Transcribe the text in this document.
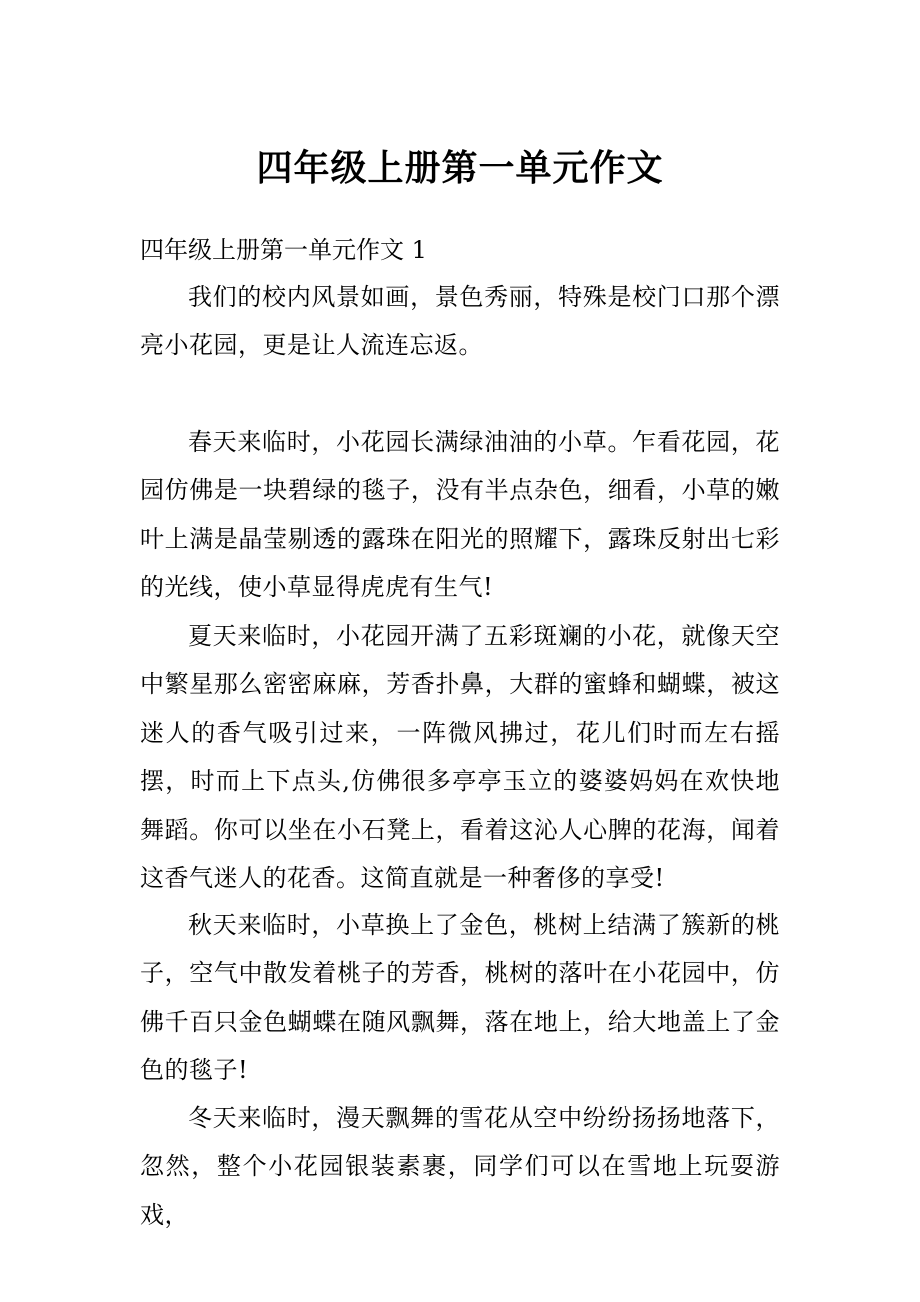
四年级上册第一单元作文

四年级上册第一单元作文 1

我们的校内风景如画，景色秀丽，特殊是校门口那个漂亮小花园，更是让人流连忘返。

春天来临时，小花园长满绿油油的小草。乍看花园，花园仿佛是一块碧绿的毯子，没有半点杂色，细看，小草的嫩叶上满是晶莹剔透的露珠在阳光的照耀下，露珠反射出七彩的光线，使小草显得虎虎有生气!

夏天来临时，小花园开满了五彩斑斓的小花，就像天空中繁星那么密密麻麻，芳香扑鼻，大群的蜜蜂和蝴蝶，被这迷人的香气吸引过来，一阵微风拂过，花儿们时而左右摇摆，时而上下点头,仿佛很多亭亭玉立的婆婆妈妈在欢快地舞蹈。你可以坐在小石凳上，看着这沁人心脾的花海，闻着这香气迷人的花香。这简直就是一种奢侈的享受!

秋天来临时，小草换上了金色，桃树上结满了簇新的桃子，空气中散发着桃子的芳香，桃树的落叶在小花园中，仿佛千百只金色蝴蝶在随风飘舞，落在地上，给大地盖上了金色的毯子!

冬天来临时，漫天飘舞的雪花从空中纷纷扬扬地落下，忽然，整个小花园银装素裹，同学们可以在雪地上玩耍游戏，
